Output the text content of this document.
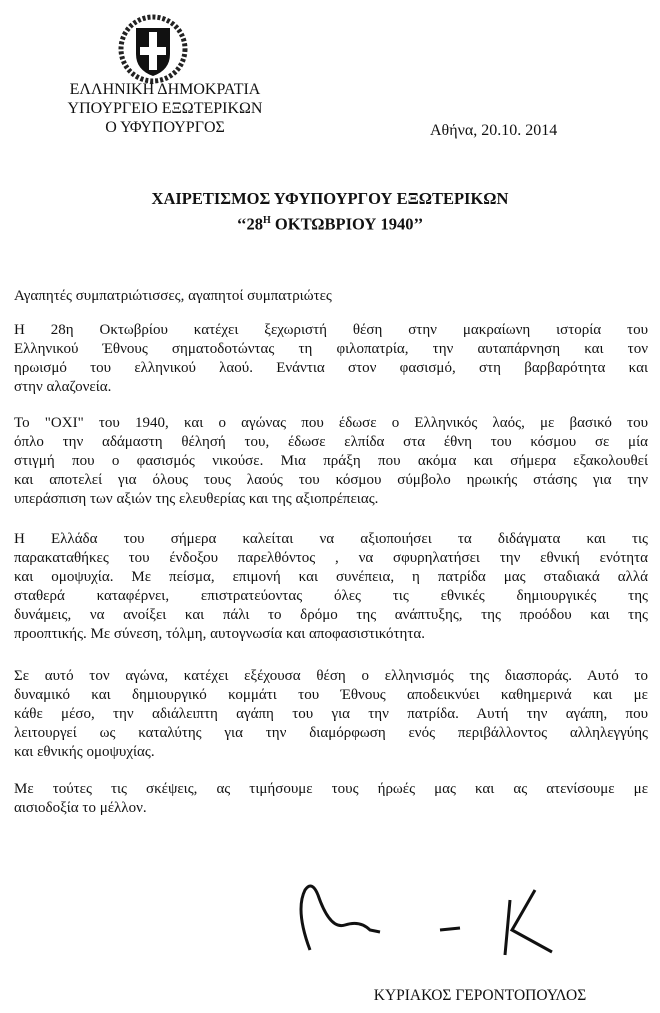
ΕΛΛΗΝΙΚΗ ΔΗΜΟΚΡΑΤΙΑ
ΥΠΟΥΡΓΕΙΟ ΕΞΩΤΕΡΙΚΩΝ
Ο ΥΦΥΠΟΥΡΓΟΣ	Αθήνα, 20.10. 2014
ΧΑΙΡΕΤΙΣΜΟΣ ΥΦΥΠΟΥΡΓΟΥ ΕΞΩΤΕΡΙΚΩΝ
‘‘$28^H$ ΟΚΤΩΒΡΙΟΥ 1940’’
Αγαπητές συμπατριώτισσες, αγαπητοί συμπατριώτες
Η 28η Οκτωβρίου κατέχει ξεχωριστή θέση στην μακραίωνη ιστορία του
Ελληνικού Έθνους σηματοδοτώντας τη φιλοπατρία, την αυταπάρνηση και τον
ηρωισμό του ελληνικού λαού. Ενάντια στον φασισμό, στη βαρβαρότητα και
στην αλαζονεία.
Το "ΟΧΙ" του 1940, και ο αγώνας που έδωσε ο Ελληνικός λαός, με βασικό του
όπλο την αδάμαστη θέλησή του, έδωσε ελπίδα στα έθνη του κόσμου σε μία
στιγμή που ο φασισμός νικούσε. Μια πράξη που ακόμα και σήμερα εξακολουθεί
και αποτελεί για όλους τους λαούς του κόσμου σύμβολο ηρωικής στάσης για την
υπεράσπιση των αξιών της ελευθερίας και της αξιοπρέπειας.
Η Ελλάδα του σήμερα καλείται να αξιοποιήσει τα διδάγματα και τις
παρακαταθήκες του ένδοξου παρελθόντος , να σφυρηλατήσει την εθνική ενότητα
και ομοψυχία. Με πείσμα, επιμονή και συνέπεια, η πατρίδα μας σταδιακά αλλά
σταθερά καταφέρνει, επιστρατεύοντας όλες τις εθνικές δημιουργικές της
δυνάμεις, να ανοίξει και πάλι το δρόμο της ανάπτυξης, της προόδου και της
προοπτικής. Με σύνεση, τόλμη, αυτογνωσία και αποφασιστικότητα.
Σε αυτό τον αγώνα, κατέχει εξέχουσα θέση ο ελληνισμός της διασποράς. Αυτό το
δυναμικό και δημιουργικό κομμάτι του Έθνους αποδεικνύει καθημερινά και με
κάθε μέσο, την αδιάλειπτη αγάπη του για την πατρίδα. Αυτή την αγάπη, που
λειτουργεί ως καταλύτης για την διαμόρφωση ενός περιβάλλοντος αλληλεγγύης
και εθνικής ομοψυχίας.
Με τούτες τις σκέψεις, ας τιμήσουμε τους ήρωές μας και ας ατενίσουμε με
αισιοδοξία το μέλλον.
ΚΥΡΙΑΚΟΣ ΓΕΡΟΝΤΟΠΟΥΛΟΣ
